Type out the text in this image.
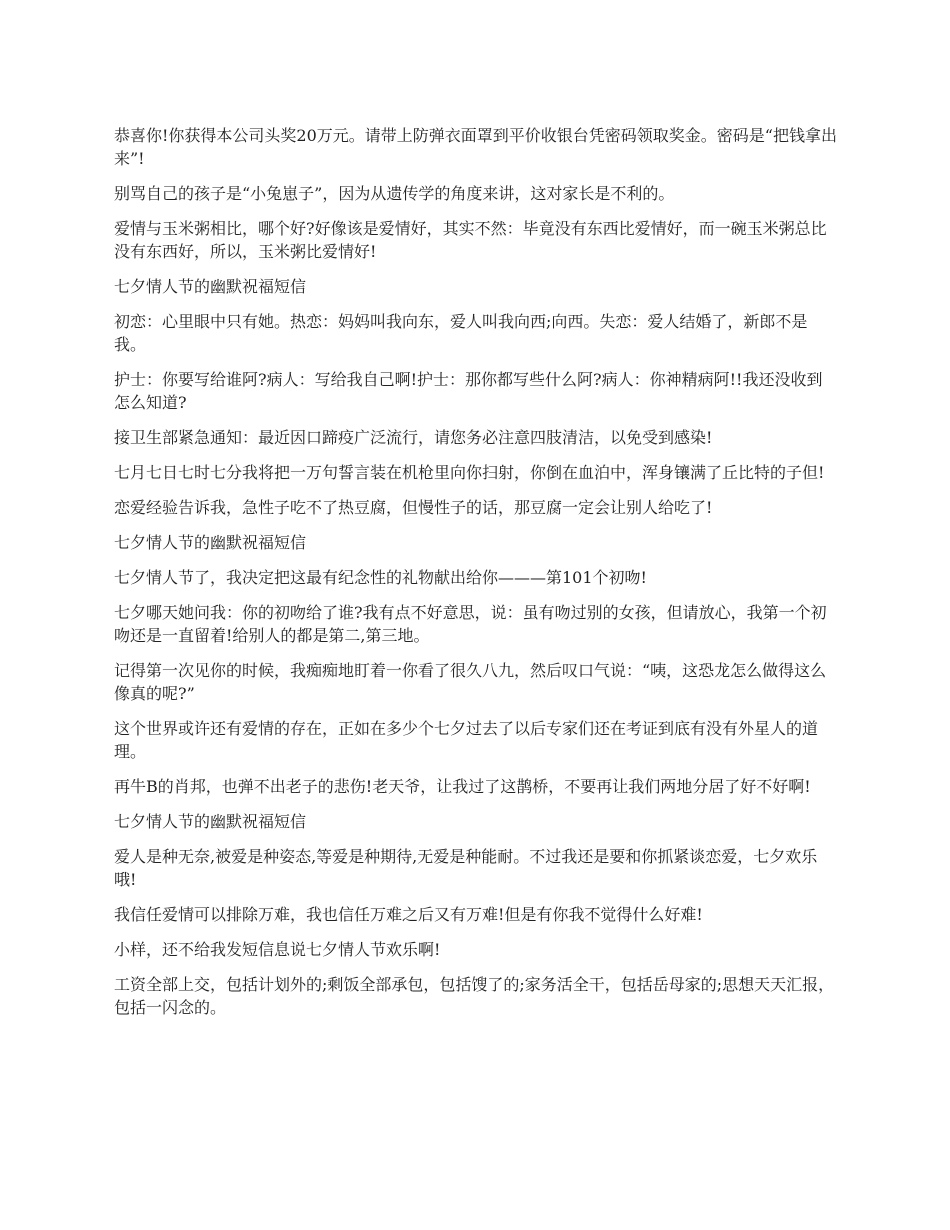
恭喜你!你获得本公司头奖20万元。请带上防弹衣面罩到平价收银台凭密码领取奖金。密码是“把钱拿出来”!

别骂自己的孩子是“小兔崽子”，因为从遗传学的角度来讲，这对家长是不利的。

爱情与玉米粥相比，哪个好?好像该是爱情好，其实不然：毕竟没有东西比爱情好，而一碗玉米粥总比没有东西好，所以，玉米粥比爱情好!

七夕情人节的幽默祝福短信

初恋：心里眼中只有她。热恋：妈妈叫我向东，爱人叫我向西;向西。失恋：爱人结婚了，新郎不是我。

护士：你要写给谁阿?病人：写给我自己啊!护士：那你都写些什么阿?病人：你神精病阿!!我还没收到怎么知道?

接卫生部紧急通知：最近因口蹄疫广泛流行，请您务必注意四肢清洁，以免受到感染!

七月七日七时七分我将把一万句誓言装在机枪里向你扫射，你倒在血泊中，浑身镶满了丘比特的子但!

恋爱经验告诉我，急性子吃不了热豆腐，但慢性子的话，那豆腐一定会让别人给吃了!

七夕情人节的幽默祝福短信

七夕情人节了，我决定把这最有纪念性的礼物献出给你———第101个初吻!

七夕哪天她问我：你的初吻给了谁?我有点不好意思，说：虽有吻过别的女孩，但请放心，我第一个初吻还是一直留着!给别人的都是第二,第三地。

记得第一次见你的时候，我痴痴地盯着一你看了很久八九，然后叹口气说：“咦，这恐龙怎么做得这么像真的呢?”

这个世界或许还有爱情的存在，正如在多少个七夕过去了以后专家们还在考证到底有没有外星人的道理。

再牛B的肖邦，也弹不出老子的悲伤!老天爷，让我过了这鹊桥，不要再让我们两地分居了好不好啊!

七夕情人节的幽默祝福短信

爱人是种无奈,被爱是种姿态,等爱是种期待,无爱是种能耐。不过我还是要和你抓紧谈恋爱，七夕欢乐哦!

我信任爱情可以排除万难，我也信任万难之后又有万难!但是有你我不觉得什么好难!

小样，还不给我发短信息说七夕情人节欢乐啊!

工资全部上交，包括计划外的;剩饭全部承包，包括馊了的;家务活全干，包括岳母家的;思想天天汇报，包括一闪念的。
